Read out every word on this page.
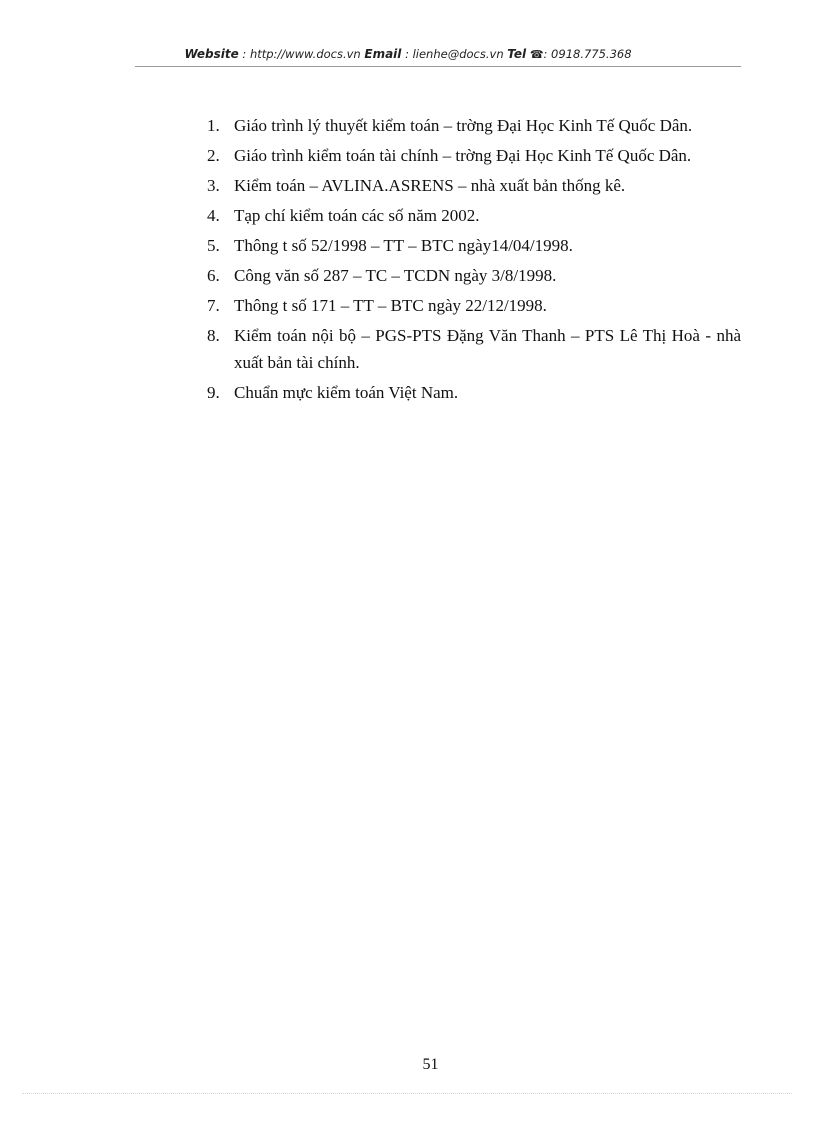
Website : http://www.docs.vn Email : lienhe@docs.vn Tel ☎: 0918.775.368
1. Giáo trình lý thuyết kiểm toán – trờng Đại Học Kinh Tế Quốc Dân.
2. Giáo trình kiểm toán tài chính – trờng Đại Học Kinh Tế Quốc Dân.
3. Kiểm toán – AVLINA.ASRENS – nhà xuất bản thống kê.
4. Tạp chí kiểm toán các số năm 2002.
5. Thông t số 52/1998 – TT – BTC ngày14/04/1998.
6. Công văn số 287 – TC – TCDN ngày 3/8/1998.
7. Thông t số 171 – TT – BTC ngày 22/12/1998.
8. Kiểm toán nội bộ – PGS-PTS Đặng Văn Thanh – PTS Lê Thị Hoà - nhà xuất bản tài chính.
9. Chuẩn mực kiểm toán Việt Nam.
51
